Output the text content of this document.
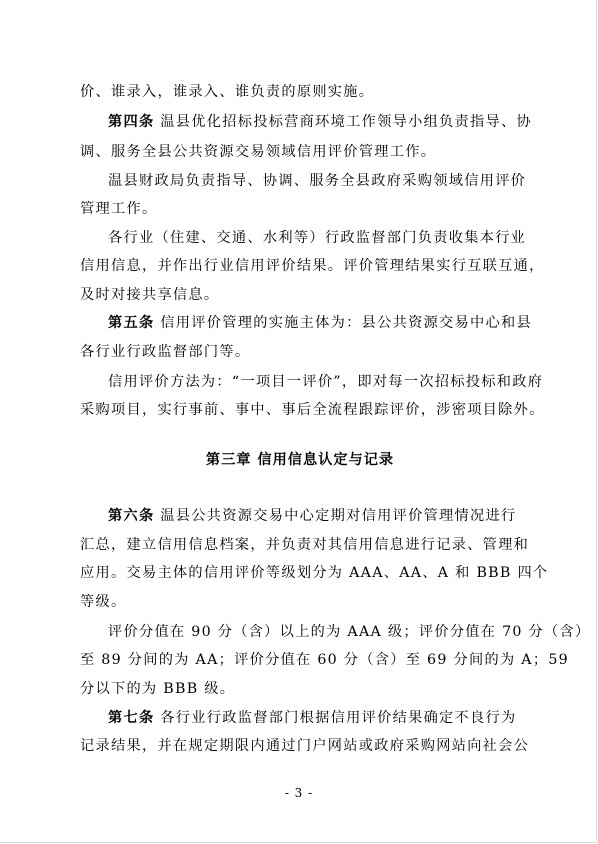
价、谁录入，谁录入、谁负责的原则实施。
第四条 温县优化招标投标营商环境工作领导小组负责指导、协
调、服务全县公共资源交易领域信用评价管理工作。
温县财政局负责指导、协调、服务全县政府采购领域信用评价
管理工作。
各行业（住建、交通、水利等）行政监督部门负责收集本行业
信用信息，并作出行业信用评价结果。评价管理结果实行互联互通，
及时对接共享信息。
第五条 信用评价管理的实施主体为：县公共资源交易中心和县
各行业行政监督部门等。
信用评价方法为：“一项目一评价”，即对每一次招标投标和政府
采购项目，实行事前、事中、事后全流程跟踪评价，涉密项目除外。
第三章 信用信息认定与记录
第六条 温县公共资源交易中心定期对信用评价管理情况进行
汇总，建立信用信息档案，并负责对其信用信息进行记录、管理和
应用。交易主体的信用评价等级划分为 AAA、AA、A 和 BBB 四个
等级。
评价分值在 90 分（含）以上的为 AAA 级；评价分值在 70 分（含）
至 89 分间的为 AA；评价分值在 60 分（含）至 69 分间的为 A；59
分以下的为 BBB 级。
第七条 各行业行政监督部门根据信用评价结果确定不良行为
记录结果，并在规定期限内通过门户网站或政府采购网站向社会公
- 3 -
